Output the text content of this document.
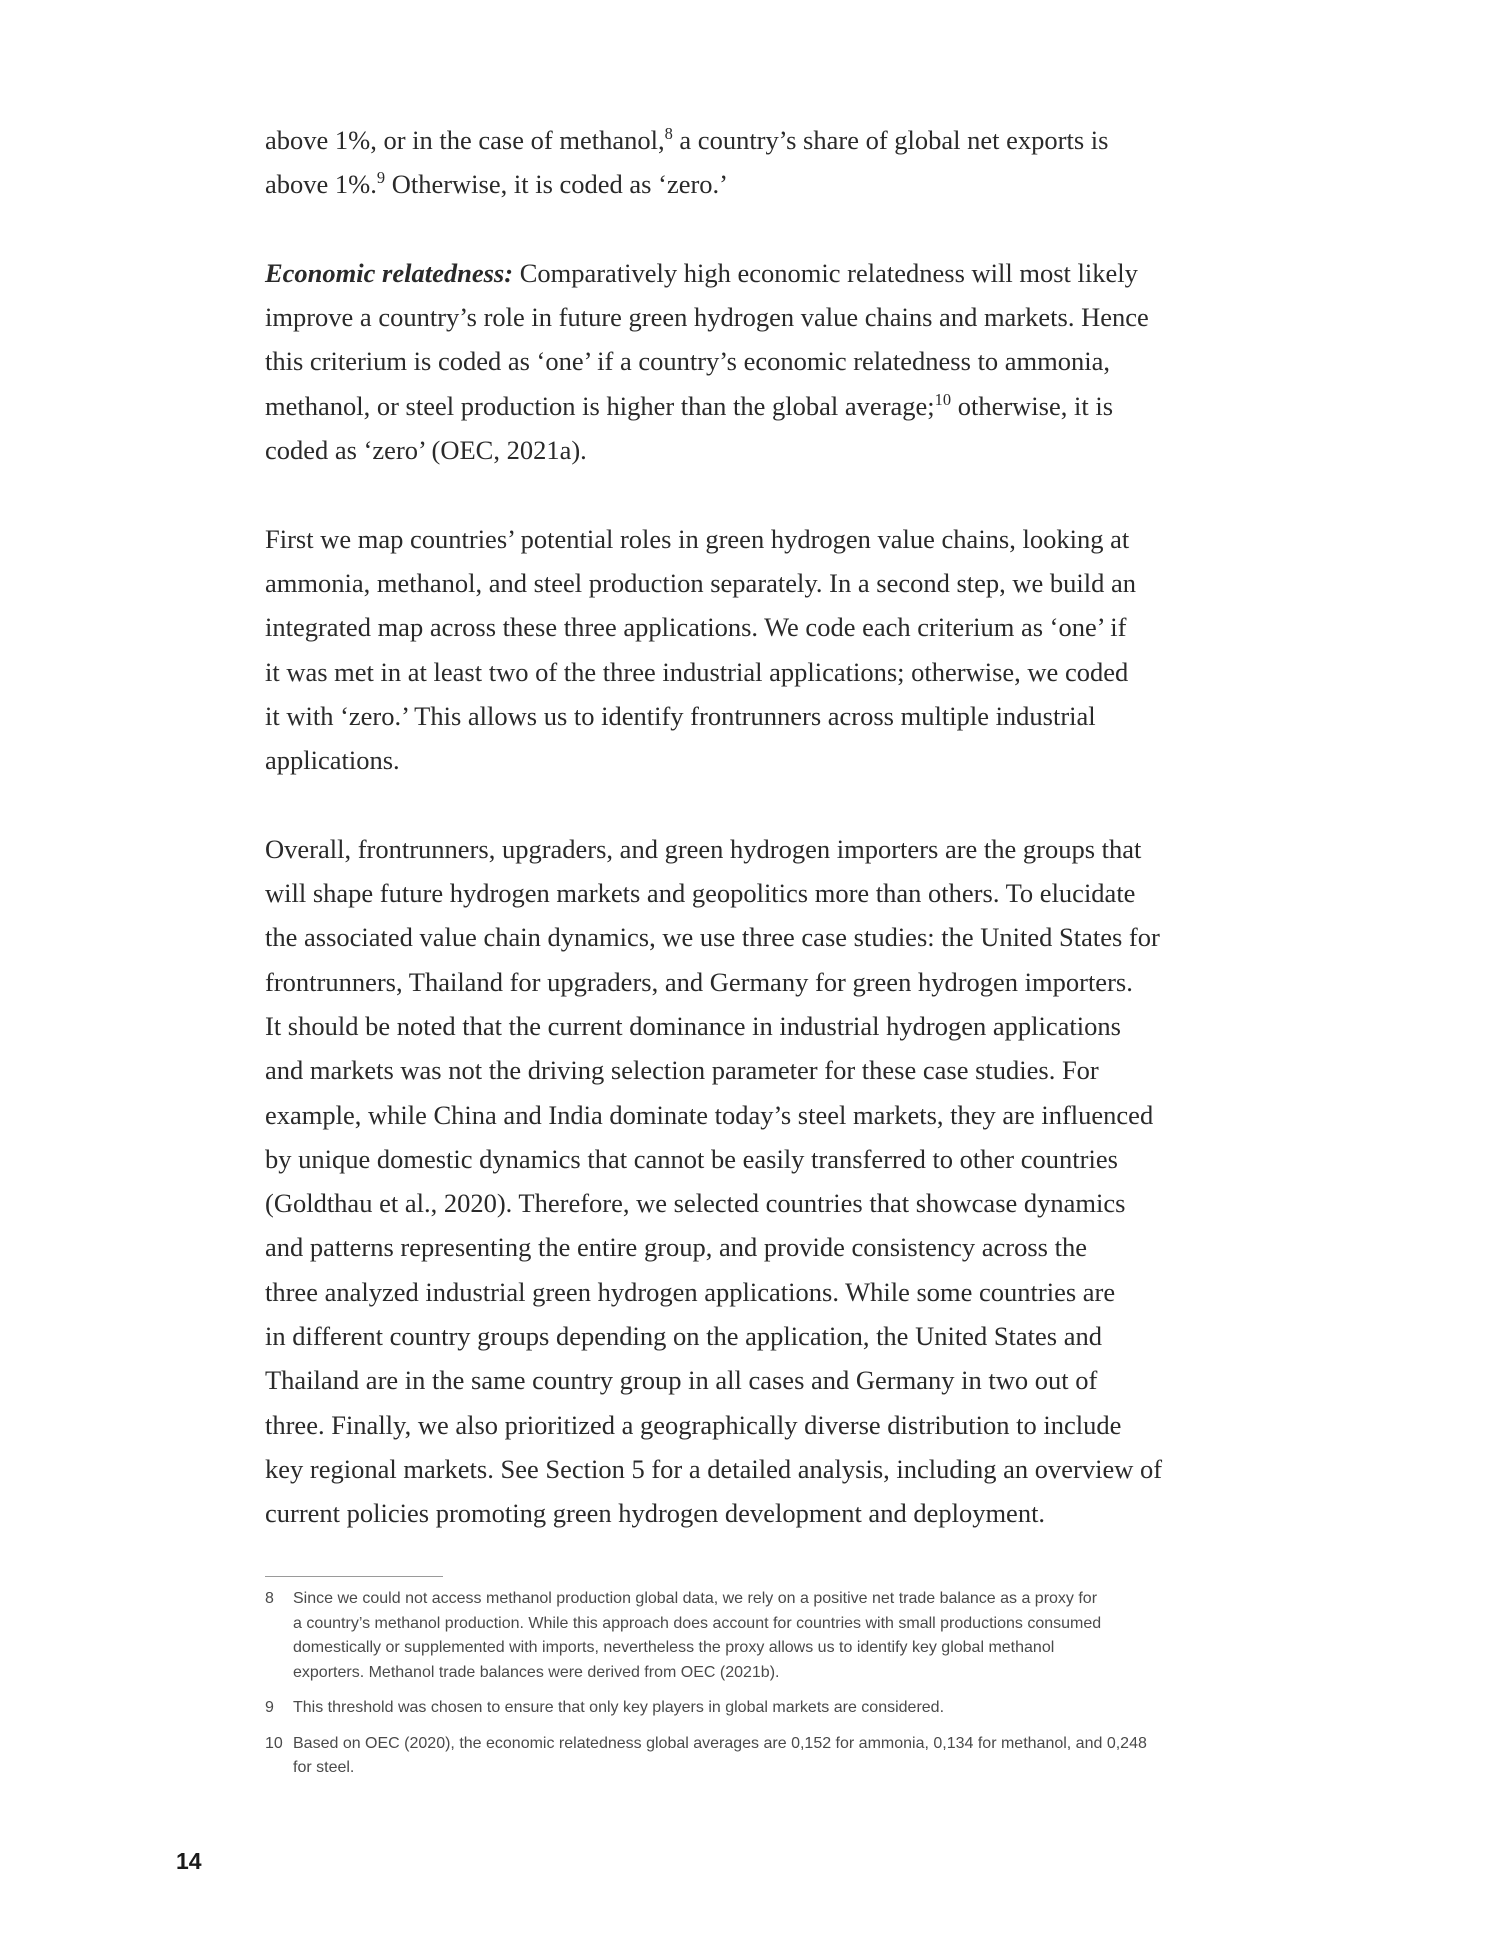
above 1%, or in the case of methanol,$^8$ a country’s share of global net exports is
above 1%.$^9$ Otherwise, it is coded as ‘zero.’

Economic relatedness: Comparatively high economic relatedness will most likely
improve a country’s role in future green hydrogen value chains and markets. Hence
this criterium is coded as ‘one’ if a country’s economic relatedness to ammonia,
methanol, or steel production is higher than the global average;$^{10}$ otherwise, it is
coded as ‘zero’ (OEC, 2021a).

First we map countries’ potential roles in green hydrogen value chains, looking at
ammonia, methanol, and steel production separately. In a second step, we build an
integrated map across these three applications. We code each criterium as ‘one’ if
it was met in at least two of the three industrial applications; otherwise, we coded
it with ‘zero.’ This allows us to identify frontrunners across multiple industrial
applications.

Overall, frontrunners, upgraders, and green hydrogen importers are the groups that
will shape future hydrogen markets and geopolitics more than others. To elucidate
the associated value chain dynamics, we use three case studies: the United States for
frontrunners, Thailand for upgraders, and Germany for green hydrogen importers.
It should be noted that the current dominance in industrial hydrogen applications
and markets was not the driving selection parameter for these case studies. For
example, while China and India dominate today’s steel markets, they are influenced
by unique domestic dynamics that cannot be easily transferred to other countries
(Goldthau et al., 2020). Therefore, we selected countries that showcase dynamics
and patterns representing the entire group, and provide consistency across the
three analyzed industrial green hydrogen applications. While some countries are
in different country groups depending on the application, the United States and
Thailand are in the same country group in all cases and Germany in two out of
three. Finally, we also prioritized a geographically diverse distribution to include
key regional markets. See Section 5 for a detailed analysis, including an overview of
current policies promoting green hydrogen development and deployment.

8 Since we could not access methanol production global data, we rely on a positive net trade balance as a proxy for
a country’s methanol production. While this approach does account for countries with small productions consumed
domestically or supplemented with imports, nevertheless the proxy allows us to identify key global methanol
exporters. Methanol trade balances were derived from OEC (2021b).
9 This threshold was chosen to ensure that only key players in global markets are considered.
10 Based on OEC (2020), the economic relatedness global averages are 0,152 for ammonia, 0,134 for methanol, and 0,248
for steel.
14
